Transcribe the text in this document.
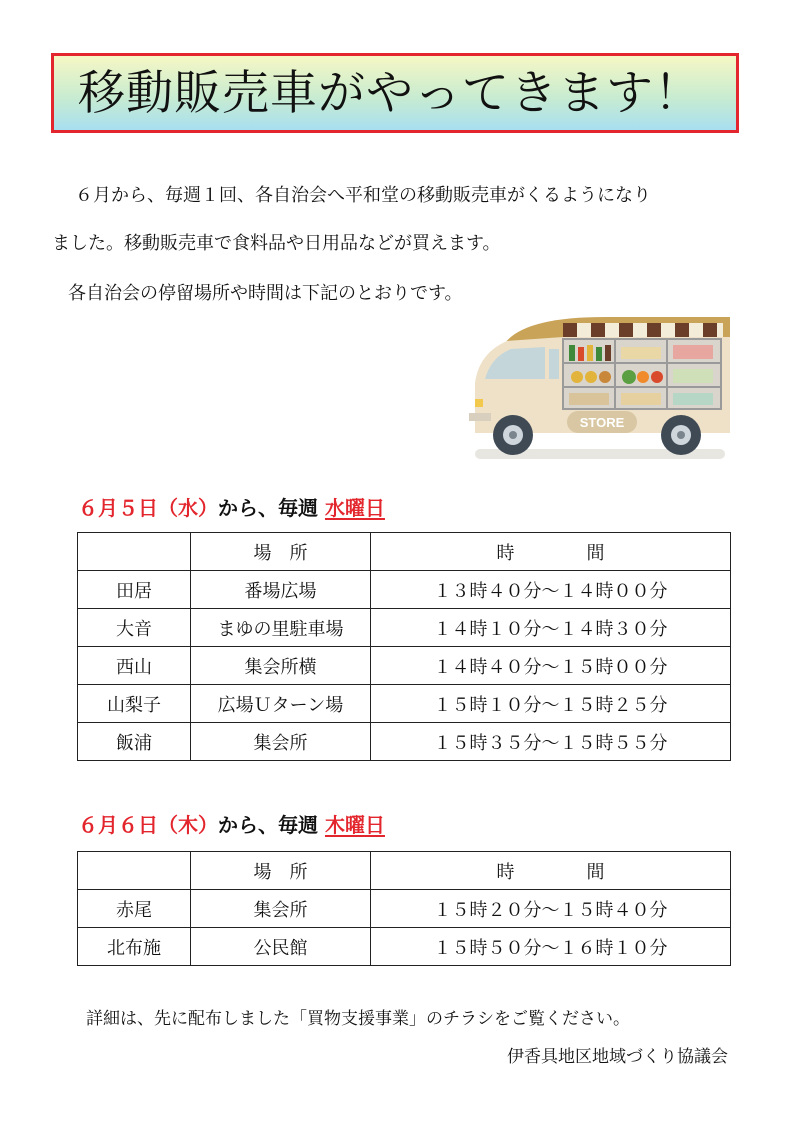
移動販売車がやってきます！
６月から、毎週１回、各自治会へ平和堂の移動販売車がくるようになり
ました。移動販売車で食料品や日用品などが買えます。
各自治会の停留場所や時間は下記のとおりです。
STORE
６月５日（水）から、毎週 水曜日
	場　所	時　　　　間
田居	番場広場	１３時４０分～１４時００分
大音	まゆの里駐車場	１４時１０分～１４時３０分
西山	集会所横	１４時４０分～１５時００分
山梨子	広場Ｕターン場	１５時１０分～１５時２５分
飯浦	集会所	１５時３５分～１５時５５分
６月６日（木）から、毎週 木曜日
	場　所	時　　　　間
赤尾	集会所	１５時２０分～１５時４０分
北布施	公民館	１５時５０分～１６時１０分
詳細は、先に配布しました「買物支援事業」のチラシをご覧ください。
伊香具地区地域づくり協議会
